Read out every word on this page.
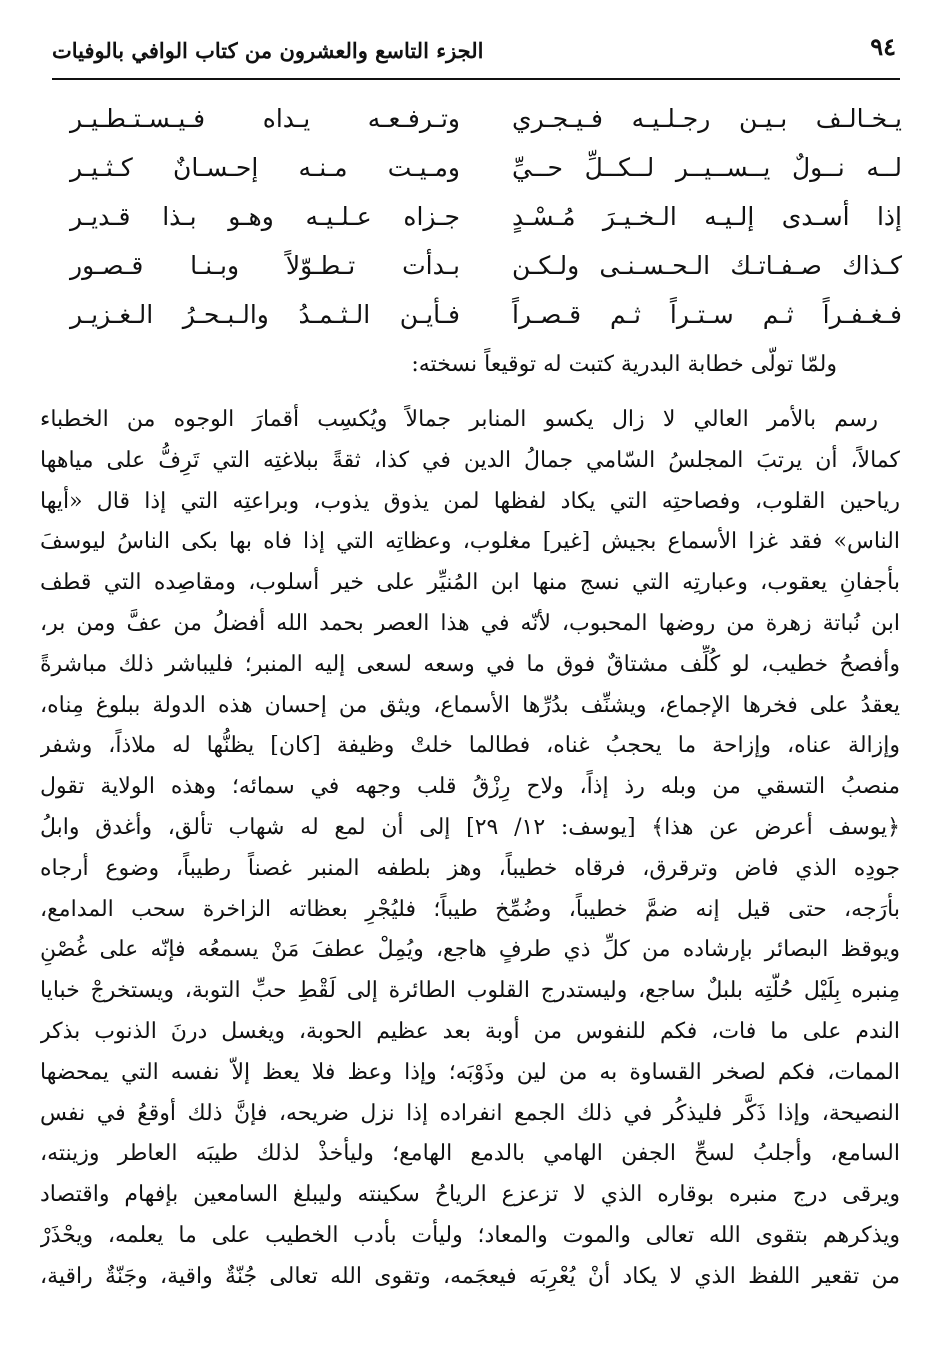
٩٤
الجزء التاسع والعشرون من كتاب الوافي بالوفيات
يـخـالـف بـيـن رجـلـيـه فـيـجـري
وتـرفـعـه يـداه فـيـسـتـطـيـر
لــه نــولٌ يــســيــر لــكــلِّ حــيِّ
ومـيـت مـنـه إحـسـانٌ كـثـيـر
إذا أسـدى إلـيـه الـخـيـرَ مُـسْـدٍ
جـزاه عـلـيـه وهـو بـذا قـديـر
كـذاك صـفـاتـك الـحـسـنـى ولـكـن
بـدأت تـطـوّلاً وبـنـا قـصـور
فـغـفـراً ثـم سـتـراً ثـم قـصـراً
فـأيـن الـثـمـدُ والـبـحـرُ الـغـزيـر
ولمّا تولّى خطابة البدرية كتبت له توقيعاً نسخته:
رسم بالأمر العالي لا زال يكسو المنابر جمالاً ويُكسِب أقمارَ الوجوه من الخطباء
كمالاً، أن يرتبَ المجلسُ السّامي جمالُ الدين في كذا، ثقةً ببلاغتِه التي تَرِفُّ على مياهها
رياحين القلوب، وفصاحتِه التي يكاد لفظها لمن يذوق يذوب، وبراعتِه التي إذا قال «أيها
الناس» فقد غزا الأسماع بجيش [غير] مغلوب، وعظاتِه التي إذا فاه بها بكى الناسُ ليوسفَ
بأجفانِ يعقوب، وعبارتِه التي نسج منها ابن المُنيِّر على خير أسلوب، ومقاصِده التي قطف
ابن نُباتة زهرة من روضها المحبوب، لأنّه في هذا العصر بحمد الله أفضلُ من عفَّ ومن بر،
وأفصحُ خطيب، لو كُلِّف مشتاقٌ فوق ما في وسعه لسعى إليه المنبر؛ فليباشر ذلك مباشرةً
يعقدُ على فخرها الإجماع، ويشنِّف بدُرِّها الأسماع، ويثق من إحسان هذه الدولة ببلوغ مِناه،
وإزالة عناه، وإزاحة ما يحجبُ غناه، فطالما خلتْ وظيفة [كان] يظنُّها له ملاذاً، وشفر
منصبُ التسقي من وبله رذ إذاً، ولاح رِزْقُ قلب وجهه في سمائه؛ وهذه الولاية تقول
﴿يوسف أعرض عن هذا﴾ [يوسف: ١٢/ ٢٩] إلى أن لمع له شهاب تألق، وأغدق وابلُ
جودِه الذي فاض وترقرق، فرقاه خطيباً، وهز بلطفه المنبر غصناً رطيباً، وضوع أرجاه
بأرَجه، حتى قيل إنه ضمَّ خطيباً، وضُمِّخ طيباً؛ فليُجْرِ بعظاته الزاخرة سحب المدامع،
ويوقظ البصائر بإرشاده من كلِّ ذي طرفٍ هاجع، ويُمِلْ عطفَ مَنْ يسمعُه فإنّه على غُصْنِ
مِنبره بِلَيْل حُلّتِه بلبلٌ ساجع، وليستدرج القلوب الطائرة إلى لَقْطِ حبِّ التوبة، ويستخرجْ خبايا
الندم على ما فات، فكم للنفوس من أوبة بعد عظيم الحوبة، ويغسل درنَ الذنوب بذكر
الممات، فكم لصخر القساوة به من لين وذَوْبَه؛ وإذا وعظ فلا يعظ إلاّ نفسه التي يمحضها
النصيحة، وإذا ذَكَّر فليذكُر في ذلك الجمع انفراده إذا نزل ضريحه، فإنَّ ذلك أوقعُ في نفس
السامع، وأجلبُ لسحِّ الجفن الهامي بالدمع الهامع؛ وليأخذْ لذلك طيبَه العاطر وزينته،
ويرقى درج منبره بوقاره الذي لا تزعزع الرياحُ سكينته وليبلغ السامعين بإفهام واقتصاد
ويذكرهم بتقوى الله تعالى والموت والمعاد؛ وليأت بأدب الخطيب على ما يعلمه، ويحْذَرْ
من تقعير اللفظ الذي لا يكاد أنْ يُعْرِبَه فيعجَمه، وتقوى الله تعالى جُنّةٌ واقية، وجَنّةٌ راقية،
